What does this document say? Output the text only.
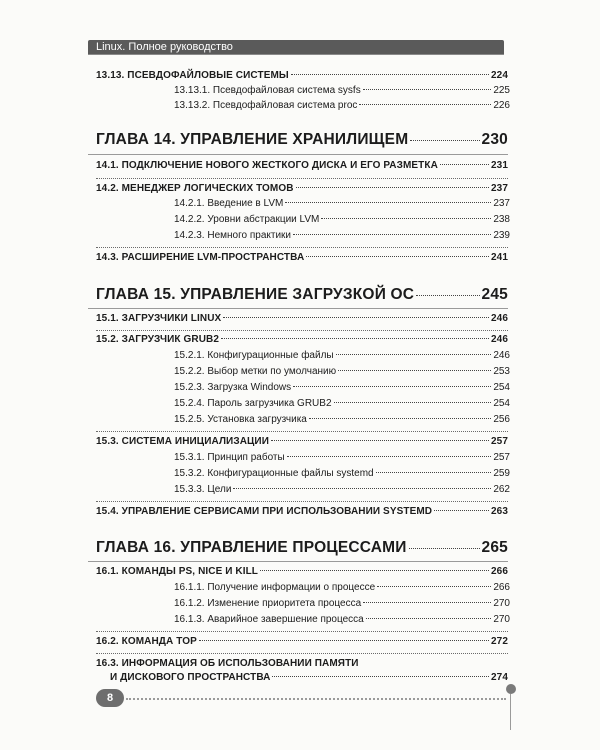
Linux. Полное руководство
13.13. ПСЕВДОФАЙЛОВЫЕ СИСТЕМЫ	224
13.13.1. Псевдофайловая система sysfs	225
13.13.2. Псевдофайловая система proc	226
ГЛАВА 14. УПРАВЛЕНИЕ ХРАНИЛИЩЕМ	230
14.1. ПОДКЛЮЧЕНИЕ НОВОГО ЖЕСТКОГО ДИСКА И ЕГО РАЗМЕТКА	231
14.2. МЕНЕДЖЕР ЛОГИЧЕСКИХ ТОМОВ	237
14.2.1. Введение в LVM	237
14.2.2. Уровни абстракции LVM	238
14.2.3. Немного практики	239
14.3. РАСШИРЕНИЕ LVM-ПРОСТРАНСТВА	241
ГЛАВА 15. УПРАВЛЕНИЕ ЗАГРУЗКОЙ ОС	245
15.1. ЗАГРУЗЧИКИ LINUX	246
15.2. ЗАГРУЗЧИК GRUB2	246
15.2.1. Конфигурационные файлы	246
15.2.2. Выбор метки по умолчанию	253
15.2.3. Загрузка Windows	254
15.2.4. Пароль загрузчика GRUB2	254
15.2.5. Установка загрузчика	256
15.3. СИСТЕМА ИНИЦИАЛИЗАЦИИ	257
15.3.1. Принцип работы	257
15.3.2. Конфигурационные файлы systemd	259
15.3.3. Цели	262
15.4. УПРАВЛЕНИЕ СЕРВИСАМИ ПРИ ИСПОЛЬЗОВАНИИ SYSTEMD	263
ГЛАВА 16. УПРАВЛЕНИЕ ПРОЦЕССАМИ	265
16.1. КОМАНДЫ PS, NICE И KILL	266
16.1.1. Получение информации о процессе	266
16.1.2. Изменение приоритета процесса	270
16.1.3. Аварийное завершение процесса	270
16.2. КОМАНДА TOP	272
16.3. ИНФОРМАЦИЯ ОБ ИСПОЛЬЗОВАНИИ ПАМЯТИ
И ДИСКОВОГО ПРОСТРАНСТВА	274
8
